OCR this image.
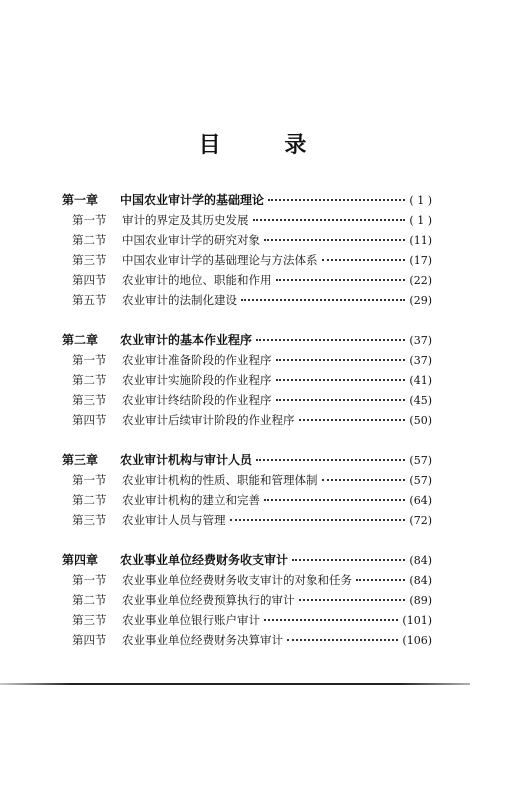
目 录
第一章	中国农业审计学的基础理论	( 1 )
第一节	审计的界定及其历史发展	( 1 )
第二节	中国农业审计学的研究对象	(11)
第三节	中国农业审计学的基础理论与方法体系	(17)
第四节	农业审计的地位、职能和作用	(22)
第五节	农业审计的法制化建设	(29)
第二章	农业审计的基本作业程序	(37)
第一节	农业审计准备阶段的作业程序	(37)
第二节	农业审计实施阶段的作业程序	(41)
第三节	农业审计终结阶段的作业程序	(45)
第四节	农业审计后续审计阶段的作业程序	(50)
第三章	农业审计机构与审计人员	(57)
第一节	农业审计机构的性质、职能和管理体制	(57)
第二节	农业审计机构的建立和完善	(64)
第三节	农业审计人员与管理	(72)
第四章	农业事业单位经费财务收支审计	(84)
第一节	农业事业单位经费财务收支审计的对象和任务	(84)
第二节	农业事业单位经费预算执行的审计	(89)
第三节	农业事业单位银行账户审计	(101)
第四节	农业事业单位经费财务决算审计	(106)
